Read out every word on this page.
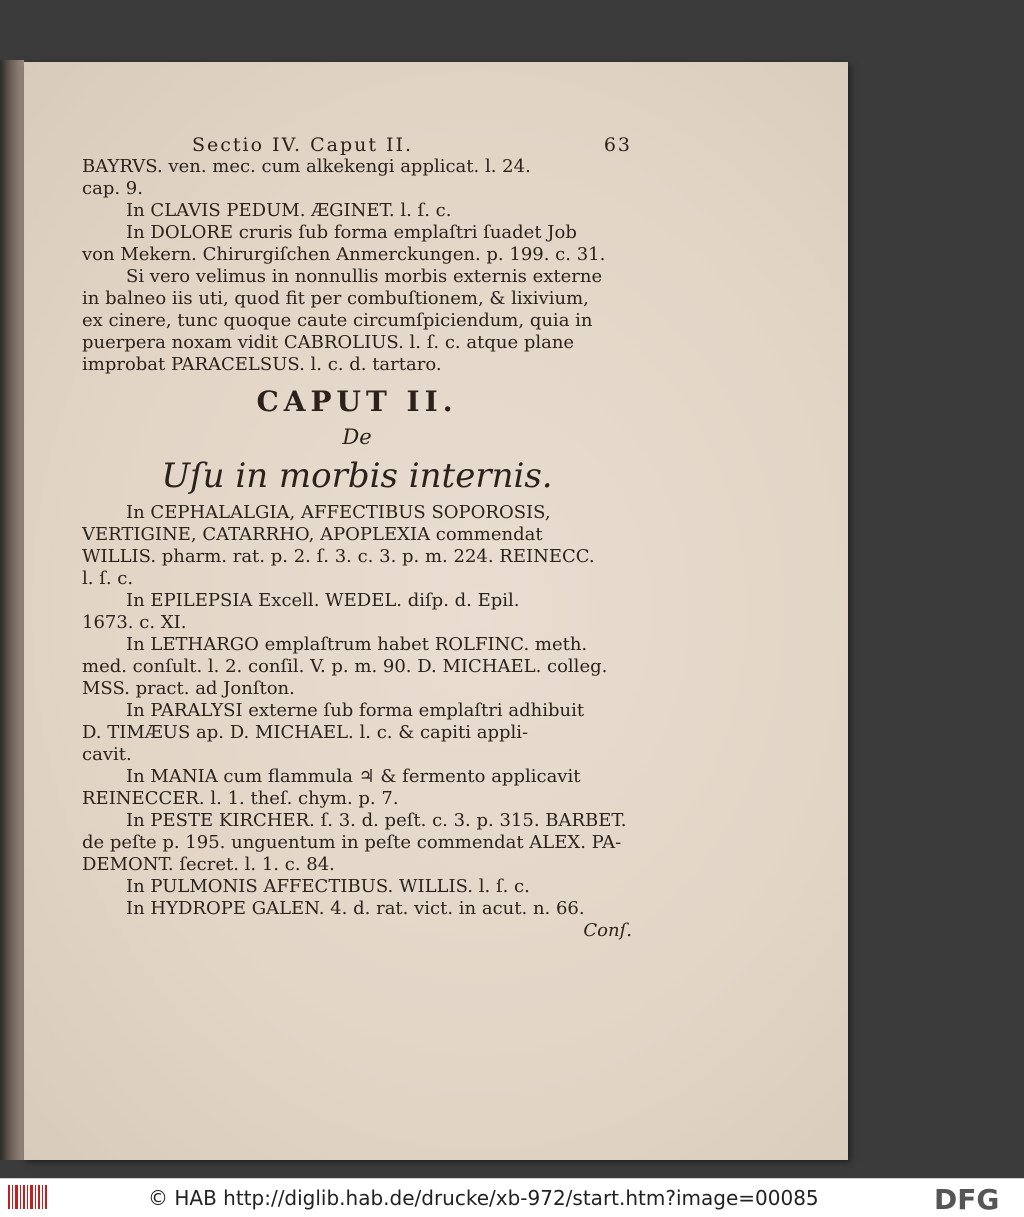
Sectio IV. Caput II.	63
BAYRVS. ven. mec. cum alkekengi applicat. l. 24.
cap. 9.
In CLAVIS PEDUM. ÆGINET. l. ſ. c.
In DOLORE cruris ſub forma emplaſtri ſuadet Job
von Mekern. Chirurgiſchen Anmerckungen. p. 199. c. 31.
Si vero velimus in nonnullis morbis externis externe
in balneo iis uti, quod fit per combuſtionem, & lixivium,
ex cinere, tunc quoque caute circumſpiciendum, quia in
puerpera noxam vidit CABROLIUS. l. ſ. c. atque plane
improbat PARACELSUS. l. c. d. tartaro.
CAPUT II.
De
Uſu in morbis internis.
In CEPHALALGIA, AFFECTIBUS SOPOROSIS,
VERTIGINE, CATARRHO, APOPLEXIA commendat
WILLIS. pharm. rat. p. 2. ſ. 3. c. 3. p. m. 224. REINECC.
l. ſ. c.
In EPILEPSIA Excell. WEDEL. diſp. d. Epil.
1673. c. XI.
In LETHARGO emplaſtrum habet ROLFINC. meth.
med. conſult. l. 2. conſil. V. p. m. 90. D. MICHAEL. colleg.
MSS. pract. ad Jonſton.
In PARALYSI externe ſub forma emplaſtri adhibuit
D. TIMÆUS ap. D. MICHAEL. l. c. & capiti appli-
cavit.
In MANIA cum flammula ♃ & fermento applicavit
REINECCER. l. 1. theſ. chym. p. 7.
In PESTE KIRCHER. ſ. 3. d. peſt. c. 3. p. 315. BARBET.
de peſte p. 195. unguentum in peſte commendat ALEX. PA-
DEMONT. ſecret. l. 1. c. 84.
In PULMONIS AFFECTIBUS. WILLIS. l. ſ. c.
In HYDROPE GALEN. 4. d. rat. vict. in acut. n. 66.
Conſ.
© HAB http://diglib.hab.de/drucke/xb-972/start.htm?image=00085	DFG
